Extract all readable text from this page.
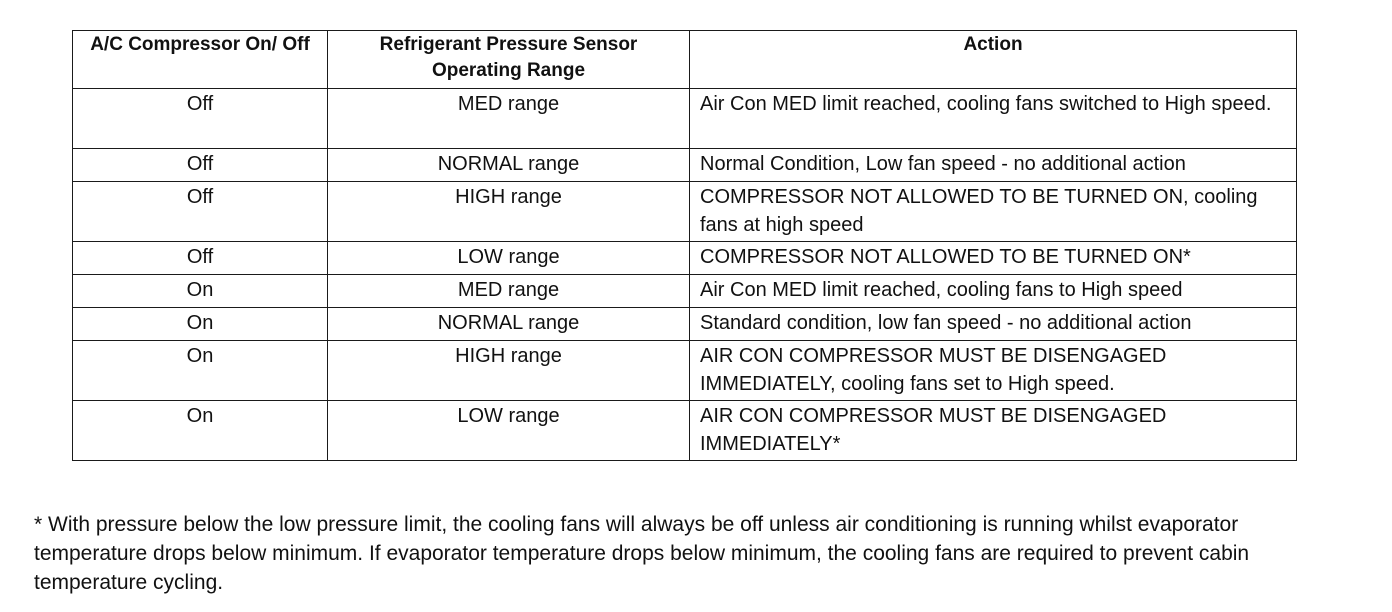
A/C Compressor On/ Off	Refrigerant Pressure Sensor Operating Range	Action
Off	MED range	Air Con MED limit reached, cooling fans switched to High speed.
Off	NORMAL range	Normal Condition, Low fan speed - no additional action
Off	HIGH range	COMPRESSOR NOT ALLOWED TO BE TURNED ON, cooling fans at high speed
Off	LOW range	COMPRESSOR NOT ALLOWED TO BE TURNED ON*
On	MED range	Air Con MED limit reached, cooling fans to High speed
On	NORMAL range	Standard condition, low fan speed - no additional action
On	HIGH range	AIR CON COMPRESSOR MUST BE DISENGAGED IMMEDIATELY, cooling fans set to High speed.
On	LOW range	AIR CON COMPRESSOR MUST BE DISENGAGED IMMEDIATELY*
* With pressure below the low pressure limit, the cooling fans will always be off unless air conditioning is running whilst evaporator temperature drops below minimum. If evaporator temperature drops below minimum, the cooling fans are required to prevent cabin temperature cycling.
